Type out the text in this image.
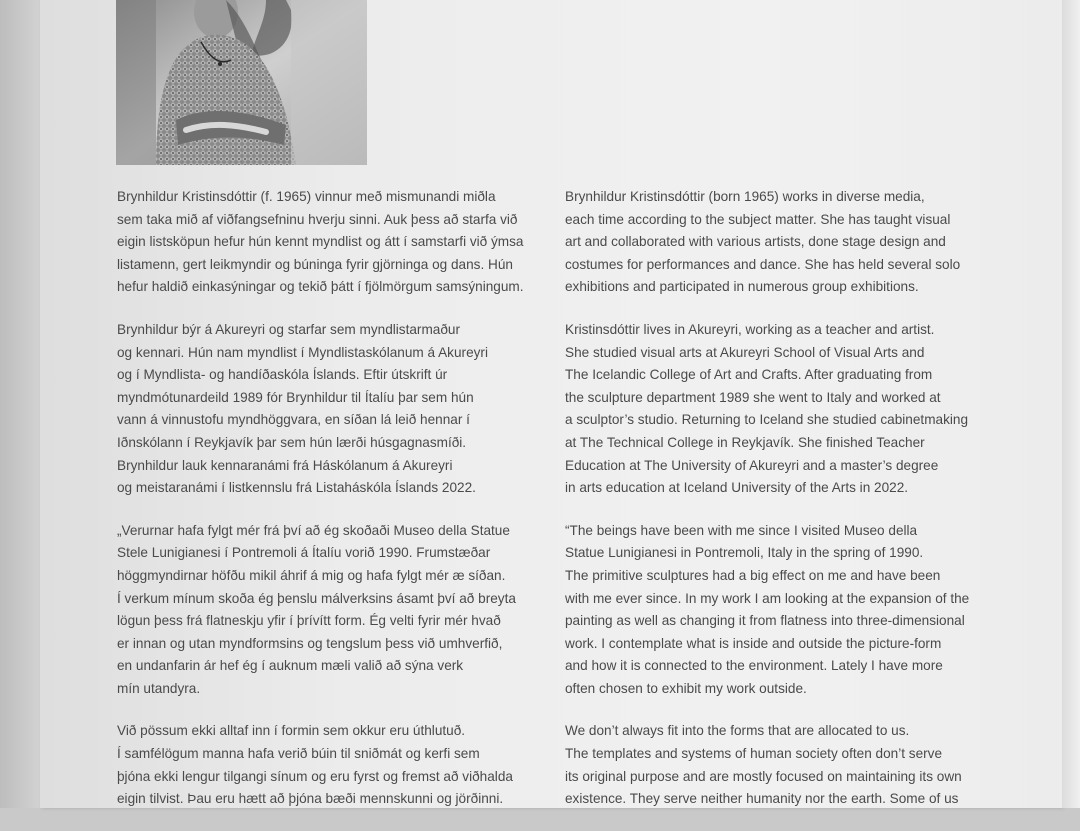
Brynhildur Kristinsdóttir (f. 1965) vinnur með mismunandi miðla
sem taka mið af viðfangsefninu hverju sinni. Auk þess að starfa við
eigin listsköpun hefur hún kennt myndlist og átt í samstarfi við ýmsa
listamenn, gert leikmyndir og búninga fyrir gjörninga og dans. Hún
hefur haldið einkasýningar og tekið þátt í fjölmörgum samsýningum.

Brynhildur býr á Akureyri og starfar sem myndlistarmaður
og kennari. Hún nam myndlist í Myndlistaskólanum á Akureyri
og í Myndlista- og handíðaskóla Íslands. Eftir útskrift úr
myndmótunardeild 1989 fór Brynhildur til Ítalíu þar sem hún
vann á vinnustofu myndhöggvara, en síðan lá leið hennar í
Iðnskólann í Reykjavík þar sem hún lærði húsgagnasmíði.
Brynhildur lauk kennaranámi frá Háskólanum á Akureyri
og meistaranámi í listkennslu frá Listaháskóla Íslands 2022.

„Verurnar hafa fylgt mér frá því að ég skoðaði Museo della Statue
Stele Lunigianesi í Pontremoli á Ítalíu vorið 1990. Frumstæðar
höggmyndirnar höfðu mikil áhrif á mig og hafa fylgt mér æ síðan.
Í verkum mínum skoða ég þenslu málverksins ásamt því að breyta
lögun þess frá flatneskju yfir í þrívítt form. Ég velti fyrir mér hvað
er innan og utan myndformsins og tengslum þess við umhverfið,
en undanfarin ár hef ég í auknum mæli valið að sýna verk
mín utandyra.

Við pössum ekki alltaf inn í formin sem okkur eru úthlutuð.
Í samfélögum manna hafa verið búin til sniðmát og kerfi sem
þjóna ekki lengur tilgangi sínum og eru fyrst og fremst að viðhalda
eigin tilvist. Þau eru hætt að þjóna bæði mennskunni og jörðinni.

Brynhildur Kristinsdóttir (born 1965) works in diverse media,
each time according to the subject matter. She has taught visual
art and collaborated with various artists, done stage design and
costumes for performances and dance. She has held several solo
exhibitions and participated in numerous group exhibitions.

Kristinsdóttir lives in Akureyri, working as a teacher and artist.
She studied visual arts at Akureyri School of Visual Arts and
The Icelandic College of Art and Crafts. After graduating from
the sculpture department 1989 she went to Italy and worked at
a sculptor’s studio. Returning to Iceland she studied cabinetmaking
at The Technical College in Reykjavík. She finished Teacher
Education at The University of Akureyri and a master’s degree
in arts education at Iceland University of the Arts in 2022.

“The beings have been with me since I visited Museo della
Statue Lunigianesi in Pontremoli, Italy in the spring of 1990.
The primitive sculptures had a big effect on me and have been
with me ever since. In my work I am looking at the expansion of the
painting as well as changing it from flatness into three-dimensional
work. I contemplate what is inside and outside the picture-form
and how it is connected to the environment. Lately I have more
often chosen to exhibit my work outside.

We don’t always fit into the forms that are allocated to us.
The templates and systems of human society often don’t serve
its original purpose and are mostly focused on maintaining its own
existence. They serve neither humanity nor the earth. Some of us
